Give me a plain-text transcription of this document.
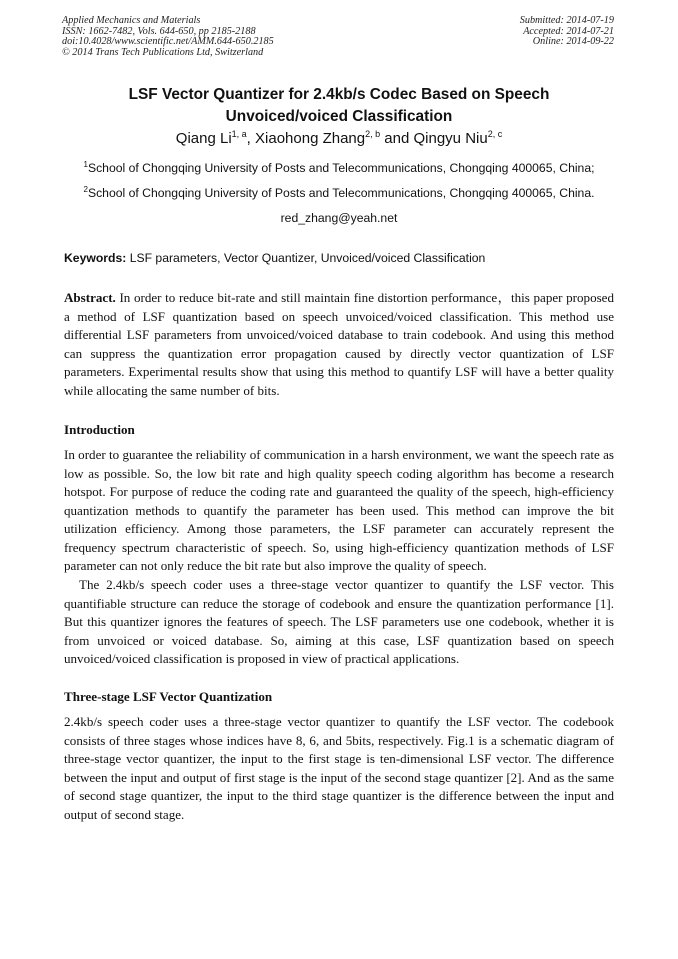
Applied Mechanics and Materials
ISSN: 1662-7482, Vols. 644-650, pp 2185-2188
doi:10.4028/www.scientific.net/AMM.644-650.2185
© 2014 Trans Tech Publications Ltd, Switzerland
Submitted: 2014-07-19
Accepted: 2014-07-21
Online: 2014-09-22
LSF Vector Quantizer for 2.4kb/s Codec Based on Speech
Unvoiced/voiced Classification
Qiang Li$^{1, a}$, Xiaohong Zhang$^{2, b}$ and Qingyu Niu$^{2, c}$
$^1$School of Chongqing University of Posts and Telecommunications, Chongqing 400065, China;
$^2$School of Chongqing University of Posts and Telecommunications, Chongqing 400065, China.
red_zhang@yeah.net
Keywords: LSF parameters, Vector Quantizer, Unvoiced/voiced Classification
Abstract. In order to reduce bit-rate and still maintain fine distortion performance，this paper proposed a method of LSF quantization based on speech unvoiced/voiced classification. This method use differential LSF parameters from unvoiced/voiced database to train codebook. And using this method can suppress the quantization error propagation caused by directly vector quantization of LSF parameters. Experimental results show that using this method to quantify LSF will have a better quality while allocating the same number of bits.
Introduction
In order to guarantee the reliability of communication in a harsh environment, we want the speech rate as low as possible. So, the low bit rate and high quality speech coding algorithm has become a research hotspot. For purpose of reduce the coding rate and guaranteed the quality of the speech, high-efficiency quantization methods to quantify the parameter has been used. This method can improve the bit utilization efficiency. Among those parameters, the LSF parameter can accurately represent the frequency spectrum characteristic of speech. So, using high-efficiency quantization methods of LSF parameter can not only reduce the bit rate but also improve the quality of speech.
The 2.4kb/s speech coder uses a three-stage vector quantizer to quantify the LSF vector. This quantifiable structure can reduce the storage of codebook and ensure the quantization performance [1]. But this quantizer ignores the features of speech. The LSF parameters use one codebook, whether it is from unvoiced or voiced database. So, aiming at this case, LSF quantization based on speech unvoiced/voiced classification is proposed in view of practical applications.
Three-stage LSF Vector Quantization
2.4kb/s speech coder uses a three-stage vector quantizer to quantify the LSF vector. The codebook consists of three stages whose indices have 8, 6, and 5bits, respectively. Fig.1 is a schematic diagram of three-stage vector quantizer, the input to the first stage is ten-dimensional LSF vector. The difference between the input and output of first stage is the input of the second stage quantizer [2]. And as the same of second stage quantizer, the input to the third stage quantizer is the difference between the input and output of second stage.
